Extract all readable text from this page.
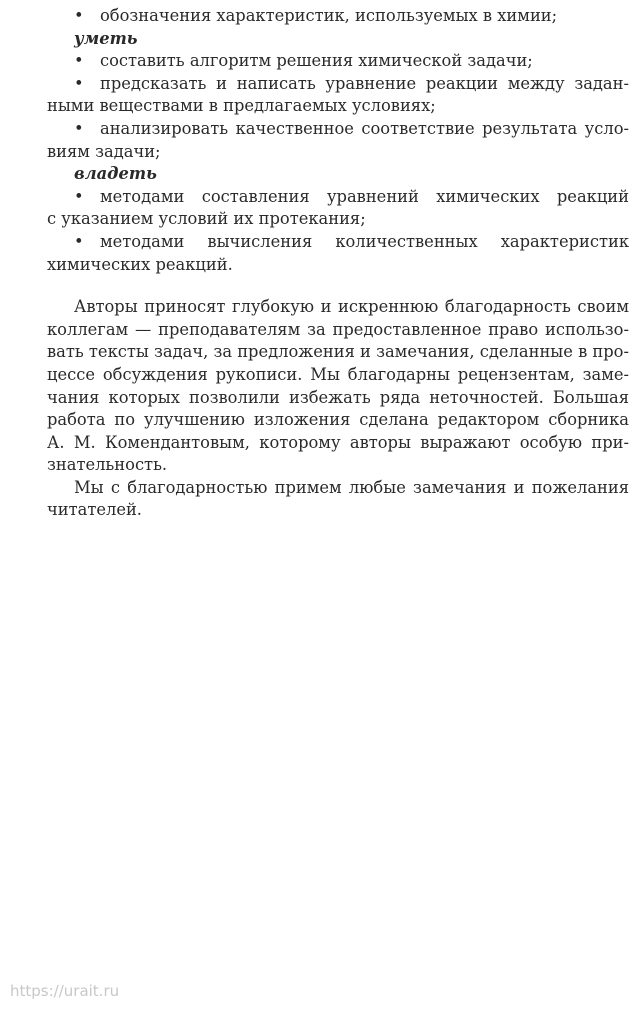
• обозначения характеристик, используемых в химии;
уметь
• составить алгоритм решения химической задачи;
• предсказать и написать уравнение реакции между задан-
ными веществами в предлагаемых условиях;
• анализировать качественное соответствие результата усло-
виям задачи;
владеть
• методами составления уравнений химических реакций
с указанием условий их протекания;
• методами вычисления количественных характеристик
химических реакций.
Авторы приносят глубокую и искреннюю благодарность своим
коллегам — преподавателям за предоставленное право использо-
вать тексты задач, за предложения и замечания, сделанные в про-
цессе обсуждения рукописи. Мы благодарны рецензентам, заме-
чания которых позволили избежать ряда неточностей. Большая
работа по улучшению изложения сделана редактором сборника
А. М. Комендантовым, которому авторы выражают особую при-
знательность.
Мы с благодарностью примем любые замечания и пожелания
читателей.
https://urait.ru
